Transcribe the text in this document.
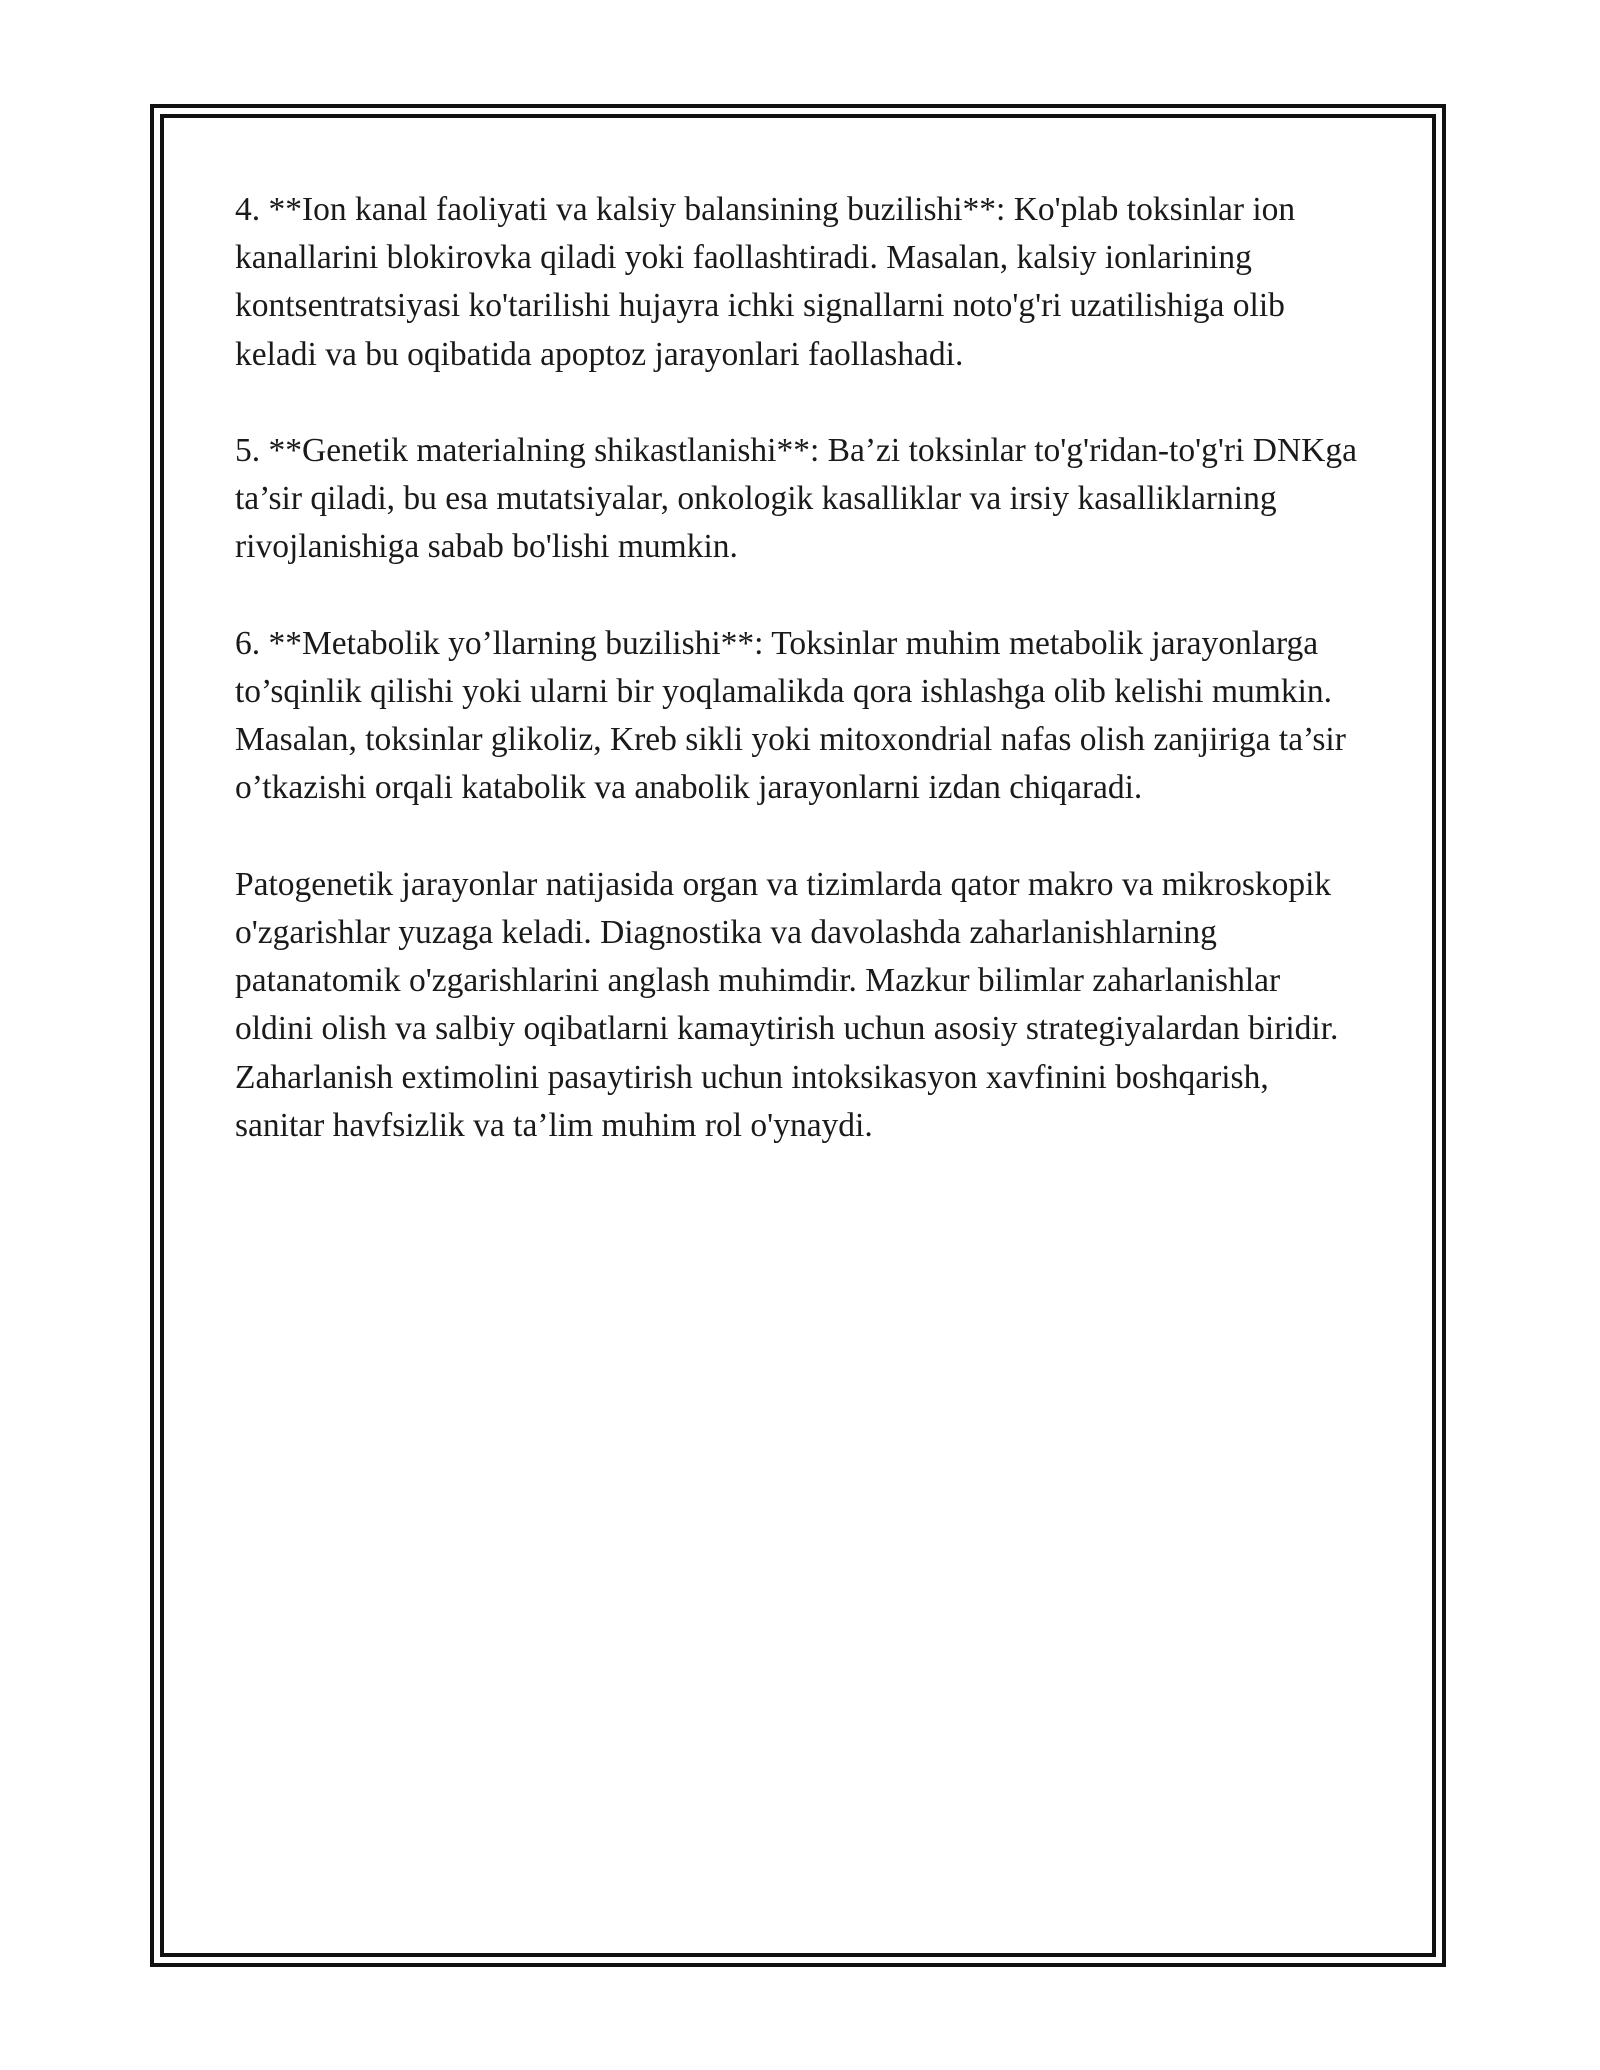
4. **Ion kanal faoliyati va kalsiy balansining buzilishi**: Ko'plab toksinlar ion kanallarini blokirovka qiladi yoki faollashtiradi. Masalan, kalsiy ionlarining kontsentratsiyasi ko'tarilishi hujayra ichki signallarni noto'g'ri uzatilishiga olib keladi va bu oqibatida apoptoz jarayonlari faollashadi.

5. **Genetik materialning shikastlanishi**: Ba’zi toksinlar to'g'ridan-to'g'ri DNKga ta’sir qiladi, bu esa mutatsiyalar, onkologik kasalliklar va irsiy kasalliklarning rivojlanishiga sabab bo'lishi mumkin.

6. **Metabolik yo’llarning buzilishi**: Toksinlar muhim metabolik jarayonlarga to’sqinlik qilishi yoki ularni bir yoqlamalikda qora ishlashga olib kelishi mumkin. Masalan, toksinlar glikoliz, Kreb sikli yoki mitoxondrial nafas olish zanjiriga ta’sir o’tkazishi orqali katabolik va anabolik jarayonlarni izdan chiqaradi.

Patogenetik jarayonlar natijasida organ va tizimlarda qator makro va mikroskopik o'zgarishlar yuzaga keladi. Diagnostika va davolashda zaharlanishlarning patanatomik o'zgarishlarini anglash muhimdir. Mazkur bilimlar zaharlanishlar oldini olish va salbiy oqibatlarni kamaytirish uchun asosiy strategiyalardan biridir. Zaharlanish extimolini pasaytirish uchun intoksikasyon xavfinini boshqarish, sanitar havfsizlik va ta’lim muhim rol o'ynaydi.
